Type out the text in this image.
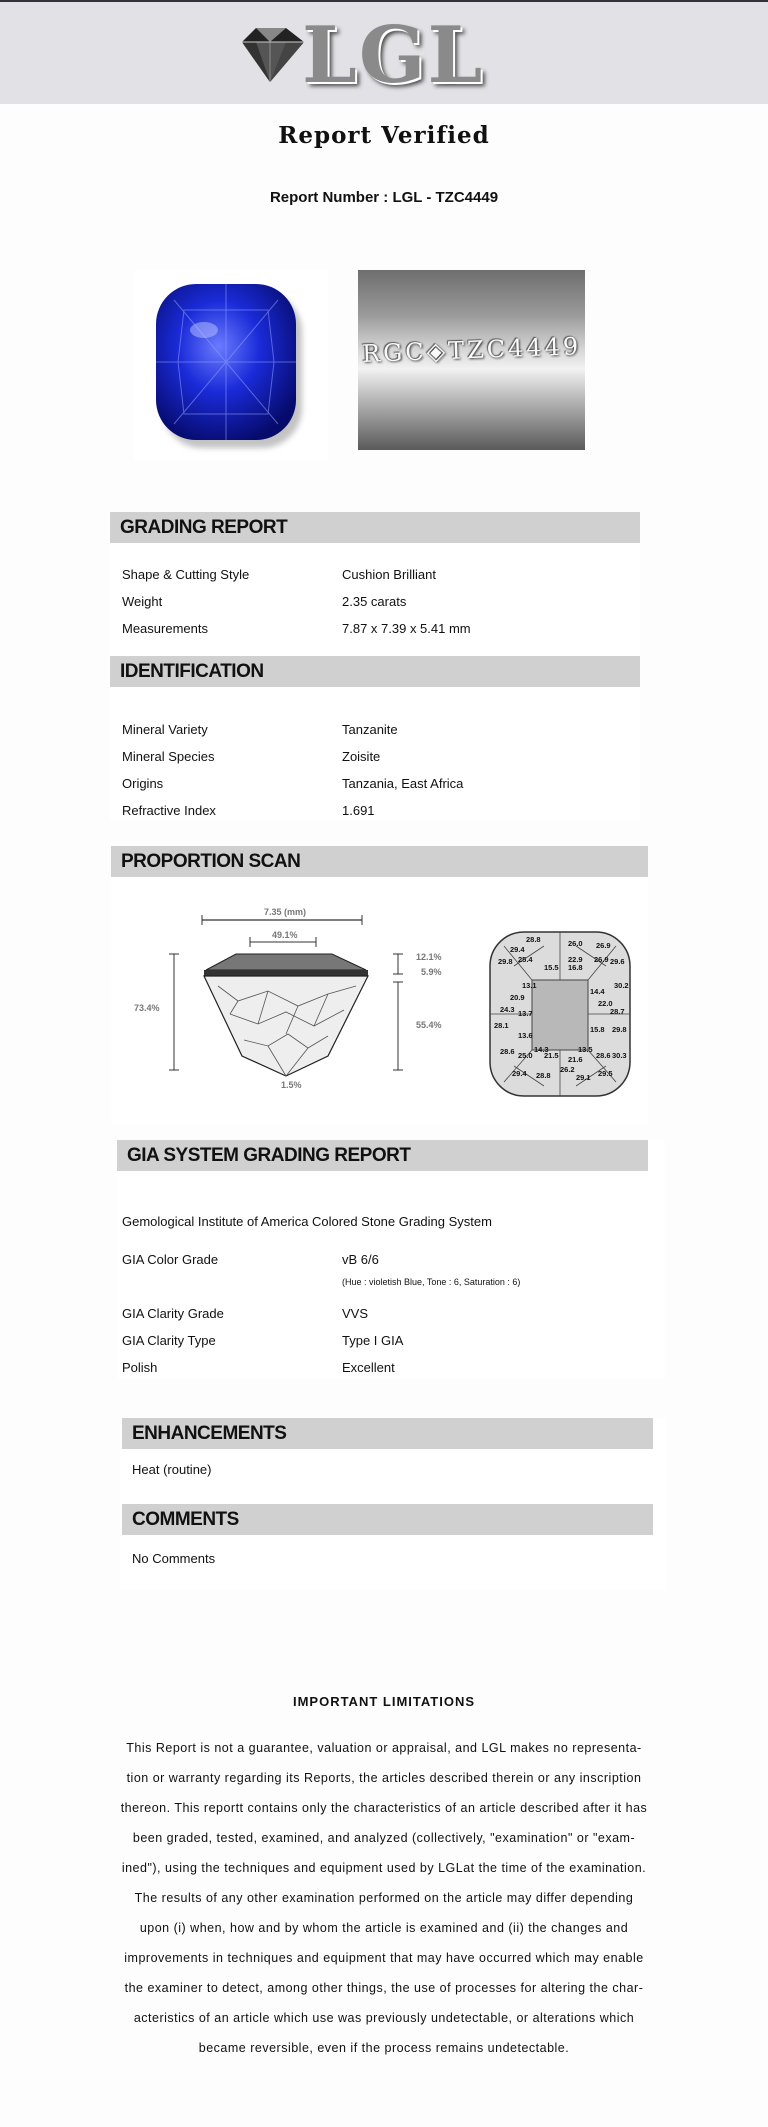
LGL
Report Verified
Report Number : LGL - TZC4449
RGC◈TZC4449
GRADING REPORT
Shape & Cutting Style	Cushion Brilliant
Weight	2.35 carats
Measurements	7.87 x 7.39 x 5.41 mm
IDENTIFICATION
Mineral Variety	Tanzanite
Mineral Species	Zoisite
Origins	Tanzania, East Africa
Refractive Index	1.691
PROPORTION SCAN
7.35 (mm)
49.1%
73.4%
12.1%
5.9%
55.4%
1.5%
28.8	26.0 26.9
25.4
29.8	22.9
29.4
15.5 16.8
26.9 29.6
30.2
13.1
20.9
14.4
24.3 13.7
22.0
28.7
28.1
13.6
15.8 29.8
28.6 25.0
14.3
21.5 21.6
13.5
28.6 30.3
29.4 28.8
26.2
29.1 29.5
GIA SYSTEM GRADING REPORT
Gemological Institute of America Colored Stone Grading System
GIA Color Grade	vB 6/6
(Hue : violetish Blue, Tone : 6, Saturation : 6)
GIA Clarity Grade	VVS
GIA Clarity Type	Type I GIA
Polish	Excellent
ENHANCEMENTS
Heat (routine)
COMMENTS
No Comments
IMPORTANT LIMITATIONS
This Report is not a guarantee, valuation or appraisal, and LGL makes no representa-tion or warranty regarding its Reports, the articles described therein or any inscription thereon. This reportt contains only the characteristics of an article described after it has been graded, tested, examined, and analyzed (collectively, "examination" or "exam-ined"), using the techniques and equipment used by LGLat the time of the examination. The results of any other examination performed on the article may differ depending upon (i) when, how and by whom the article is examined and (ii) the changes and improvements in techniques and equipment that may have occurred which may enable the examiner to detect, among other things, the use of processes for altering the char-acteristics of an article which use was previously undetectable, or alterations which became reversible, even if the process remains undetectable.
